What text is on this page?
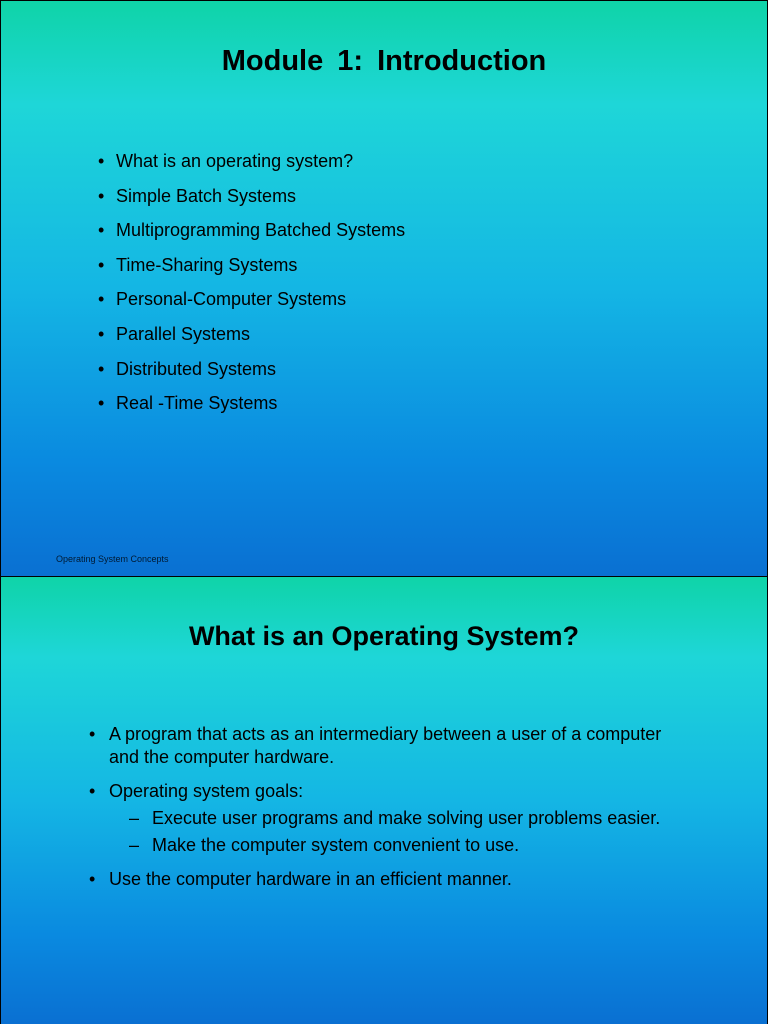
Module 1: Introduction
• What is an operating system?
• Simple Batch Systems
• Multiprogramming Batched Systems
• Time-Sharing Systems
• Personal-Computer Systems
• Parallel Systems
• Distributed Systems
• Real -Time Systems
Operating System Concepts
What is an Operating System?
• A program that acts as an intermediary between a user of a computer and the computer hardware.
• Operating system goals:
– Execute user programs and make solving user problems easier.
– Make the computer system convenient to use.
• Use the computer hardware in an efficient manner.
